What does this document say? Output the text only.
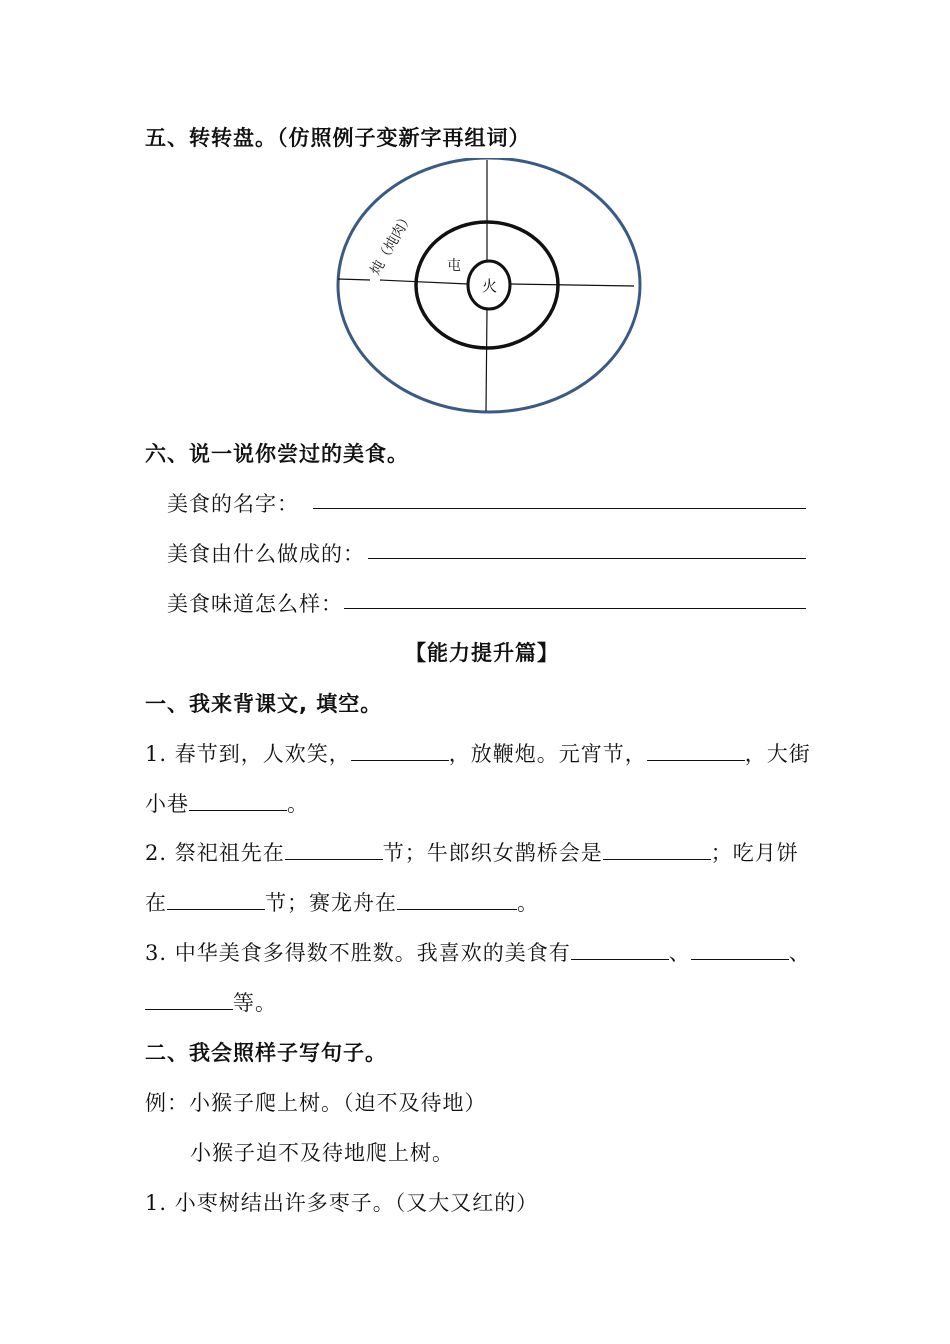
五、转转盘。（仿照例子变新字再组词）
火
屯
炖（炖肉）
六、说一说你尝过的美食。
美食的名字：
美食由什么做成的：
美食味道怎么样：
【能力提升篇】
一、我来背课文, 填空。
1. 春节到，人欢笑，	，放鞭炮。元宵节，	，大街
小巷	。
2. 祭祀祖先在	节；牛郎织女鹊桥会是	；吃月饼
在	节；赛龙舟在	。
3. 中华美食多得数不胜数。我喜欢的美食有	、	、
等。
二、我会照样子写句子。
例：小猴子爬上树。（迫不及待地）
小猴子迫不及待地爬上树。
1. 小枣树结出许多枣子。（又大又红的）
